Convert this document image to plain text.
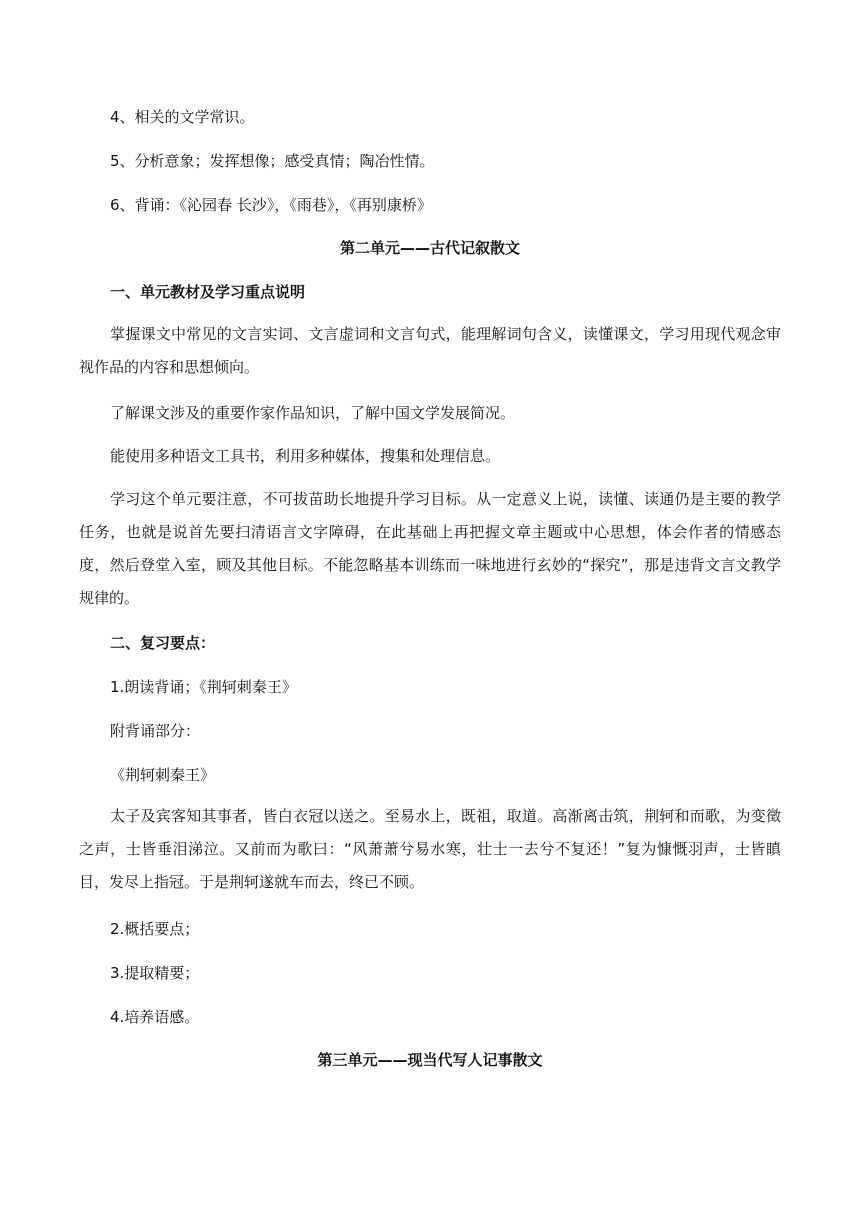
4、相关的文学常识。
5、分析意象；发挥想像；感受真情；陶冶性情。
6、背诵：《沁园春 长沙》，《雨巷》，《再别康桥》
第二单元——古代记叙散文
一、单元教材及学习重点说明
掌握课文中常见的文言实词、文言虚词和文言句式，能理解词句含义，读懂课文，学习用现代观念审视作品的内容和思想倾向。
了解课文涉及的重要作家作品知识，了解中国文学发展简况。
能使用多种语文工具书，利用多种媒体，搜集和处理信息。
学习这个单元要注意，不可拔苗助长地提升学习目标。从一定意义上说，读懂、读通仍是主要的教学任务，也就是说首先要扫清语言文字障碍，在此基础上再把握文章主题或中心思想，体会作者的情感态度，然后登堂入室，顾及其他目标。不能忽略基本训练而一味地进行玄妙的“探究”，那是违背文言文教学规律的。
二、复习要点：
1.朗读背诵；《荆轲刺秦王》
附背诵部分：
《荆轲刺秦王》
太子及宾客知其事者，皆白衣冠以送之。至易水上，既祖，取道。高渐离击筑，荆轲和而歌，为变徵之声，士皆垂泪涕泣。又前而为歌曰：“风萧萧兮易水寒，壮士一去兮不复还！”复为慷慨羽声，士皆瞋目，发尽上指冠。于是荆轲遂就车而去，终已不顾。
2.概括要点；
3.提取精要；
4.培养语感。
第三单元——现当代写人记事散文
